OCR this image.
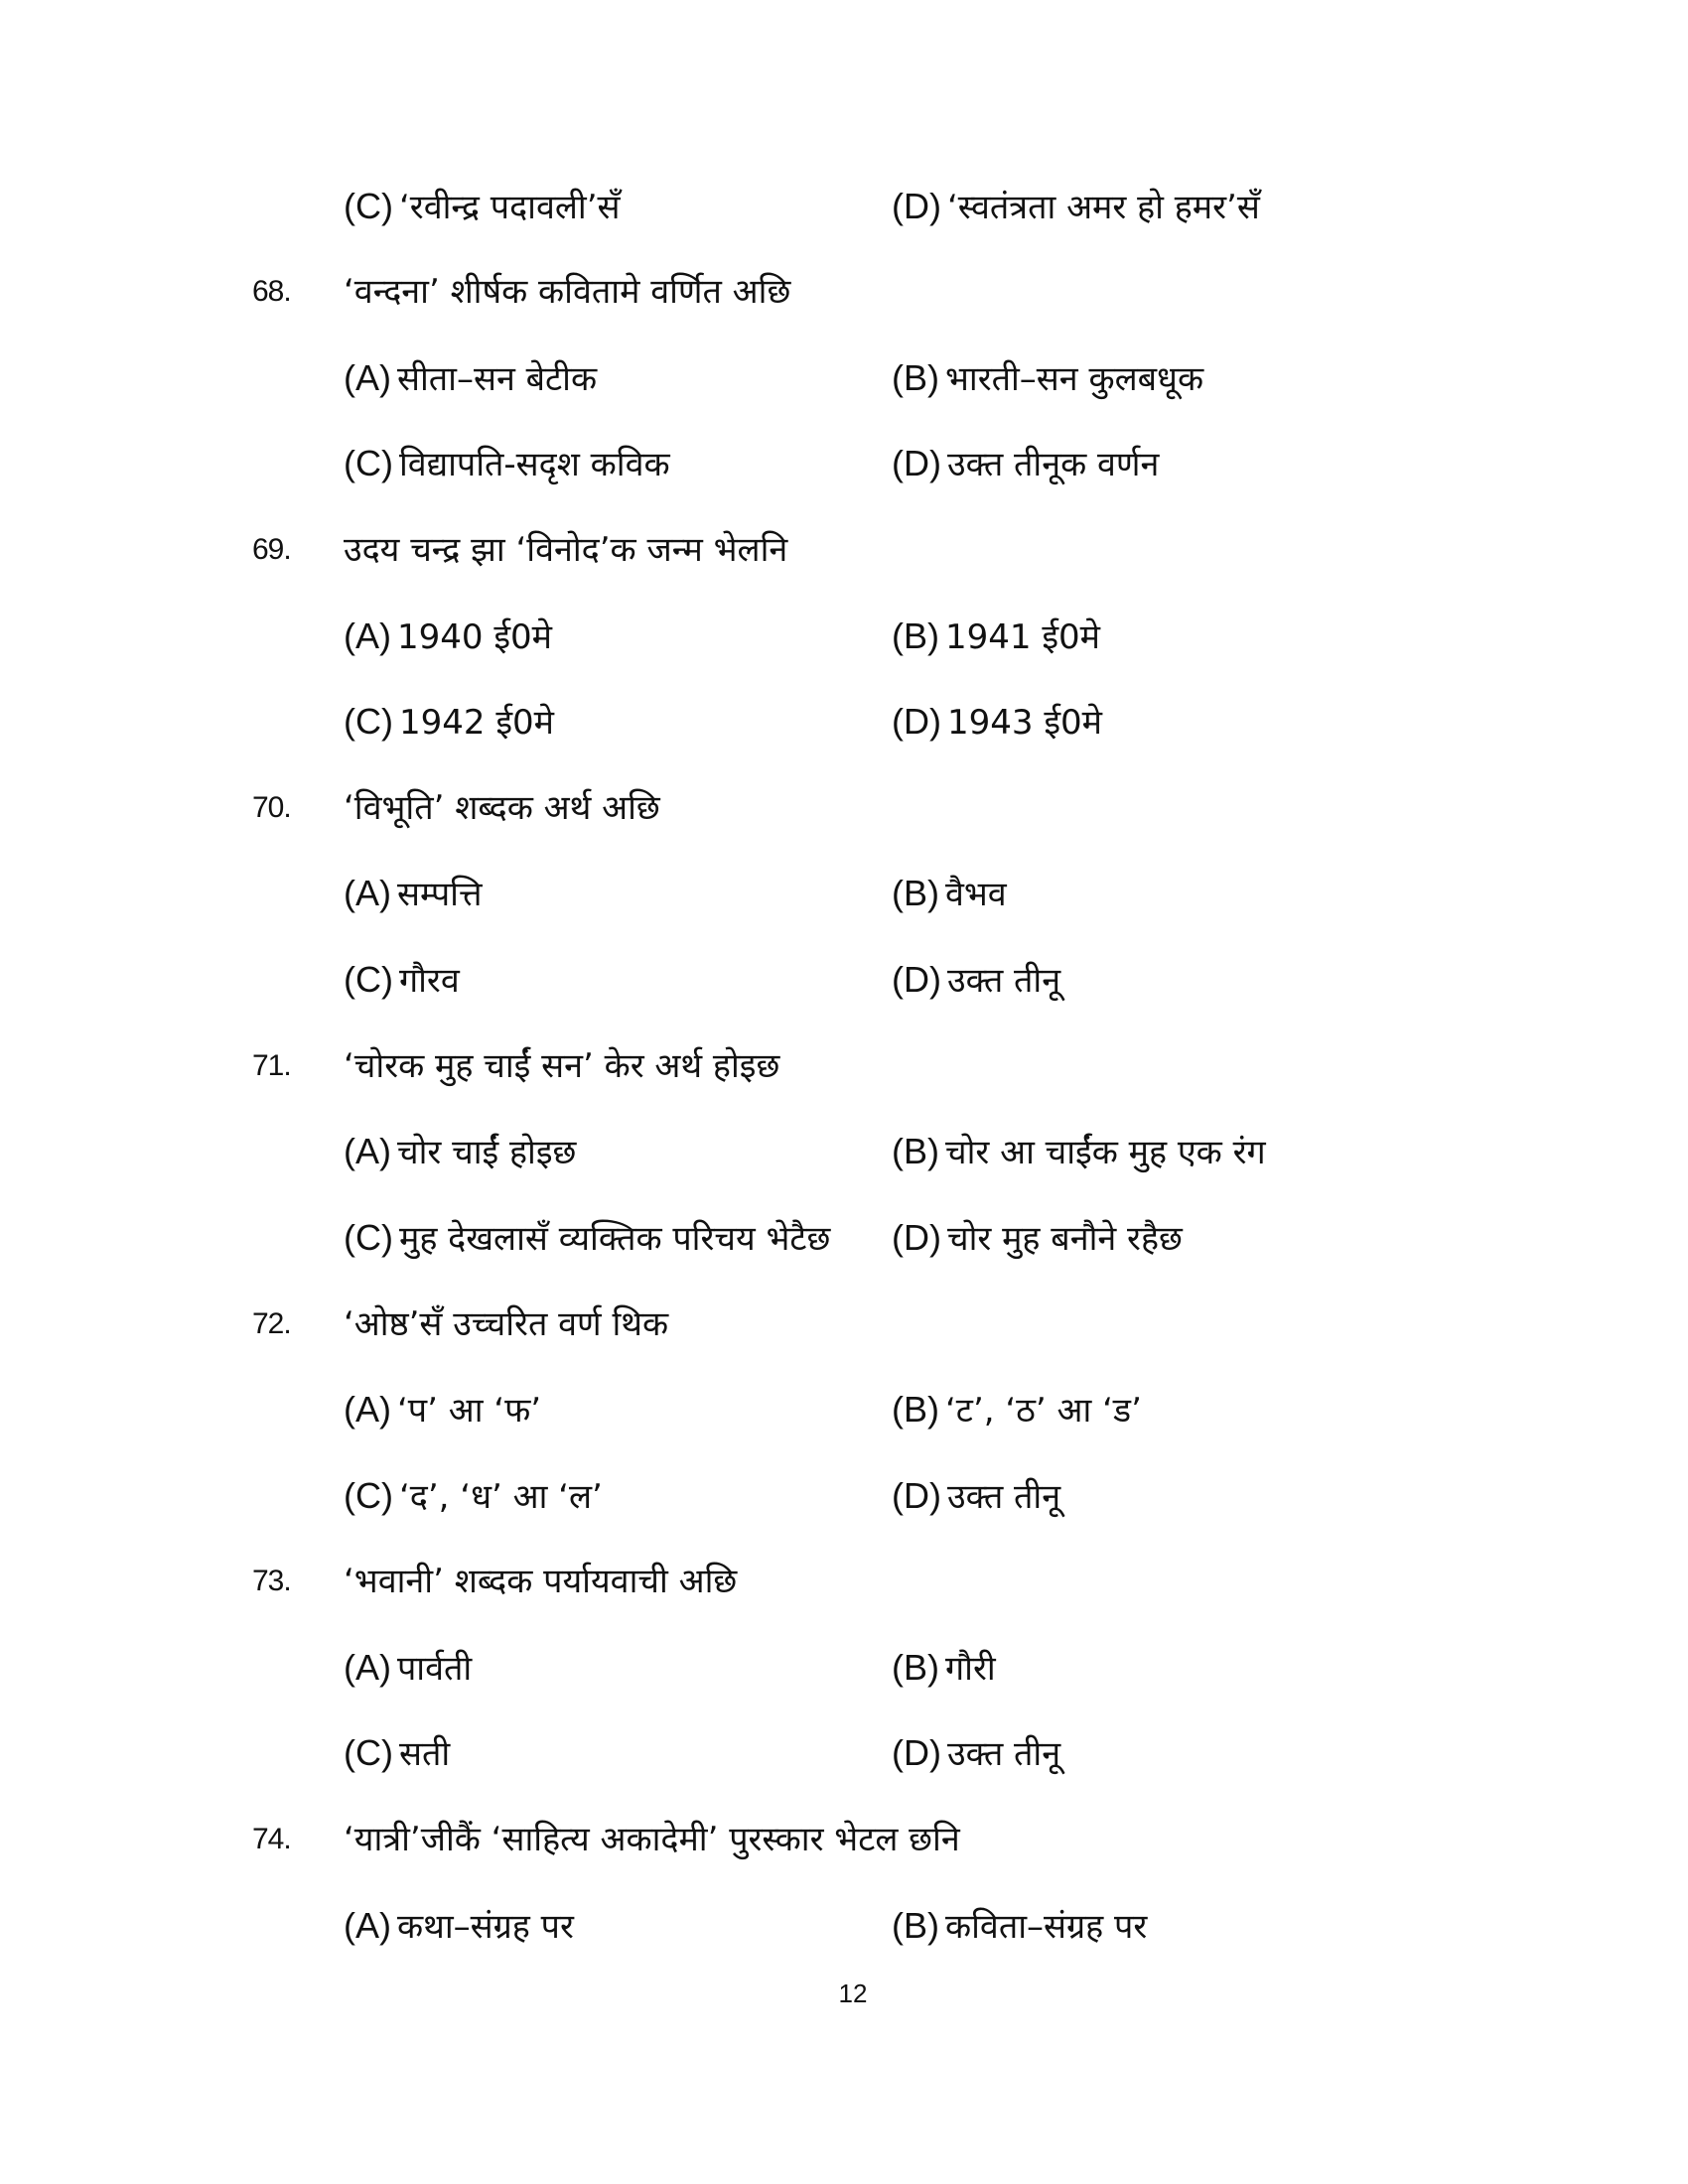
(C) ‘रवीन्द्र पदावली’सँ	(D) ‘स्वतंत्रता अमर हो हमर’सँ
68. ‘वन्दना’ शीर्षक कवितामे वर्णित अछि
(A) सीता–सन बेटीक	(B) भारती–सन कुलबधूक
(C) विद्यापति-सदृश कविक	(D) उक्त तीनूक वर्णन
69. उदय चन्द्र झा ‘विनोद’क जन्म भेलनि
(A) 1940 ई0मे	(B) 1941 ई0मे
(C) 1942 ई0मे	(D) 1943 ई0मे
70. ‘विभूति’ शब्दक अर्थ अछि
(A) सम्पत्ति	(B) वैभव
(C) गौरव	(D) उक्त तीनू
71. ‘चोरक मुह चाईं सन’ केर अर्थ होइछ
(A) चोर चाईं होइछ	(B) चोर आ चाईंक मुह एक रंग
(C) मुह देखलासँ व्यक्तिक परिचय भेटैछ (D) चोर मुह बनौने रहैछ
72. ‘ओष्ठ’सँ उच्चरित वर्ण थिक
(A) ‘प’ आ ‘फ’	(B) ‘ट’, ‘ठ’ आ ‘ड’
(C) ‘द’, ‘ध’ आ ‘ल’	(D) उक्त तीनू
73. ‘भवानी’ शब्दक पर्यायवाची अछि
(A) पार्वती	(B) गौरी
(C) सती	(D) उक्त तीनू
74. ‘यात्री’जीकैं ‘साहित्य अकादेमी’ पुरस्कार भेटल छनि
(A) कथा–संग्रह पर	(B) कविता–संग्रह पर
12
